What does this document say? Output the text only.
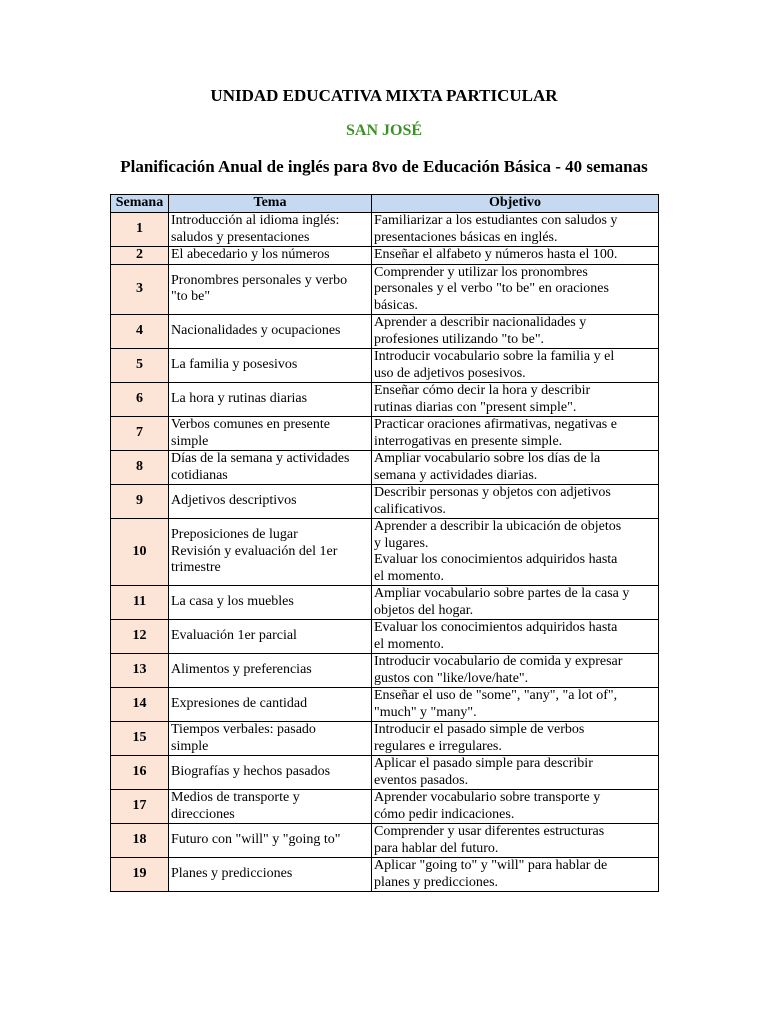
UNIDAD EDUCATIVA MIXTA PARTICULAR
SAN JOSÉ
Planificación Anual de inglés para 8vo de Educación Básica - 40 semanas
Semana	Tema	Objetivo
1	Introducción al idioma inglés:
saludos y presentaciones	Familiarizar a los estudiantes con saludos y
presentaciones básicas en inglés.

2	El abecedario y los números	Enseñar el alfabeto y números hasta el 100.

3	Pronombres personales y verbo
"to be"	Comprender y utilizar los pronombres
personales y el verbo "to be" en oraciones
básicas.

4	Nacionalidades y ocupaciones	Aprender a describir nacionalidades y
profesiones utilizando "to be".

5	La familia y posesivos	Introducir vocabulario sobre la familia y el
uso de adjetivos posesivos.

6	La hora y rutinas diarias	Enseñar cómo decir la hora y describir
rutinas diarias con "present simple".

7	Verbos comunes en presente
simple	Practicar oraciones afirmativas, negativas e
interrogativas en presente simple.

8	Días de la semana y actividades
cotidianas	Ampliar vocabulario sobre los días de la
semana y actividades diarias.

9	Adjetivos descriptivos	Describir personas y objetos con adjetivos
calificativos.

10	Preposiciones de lugar
Revisión y evaluación del 1er
trimestre	Aprender a describir la ubicación de objetos
y lugares.
Evaluar los conocimientos adquiridos hasta
el momento.

11	La casa y los muebles	Ampliar vocabulario sobre partes de la casa y
objetos del hogar.

12	Evaluación 1er parcial	Evaluar los conocimientos adquiridos hasta
el momento.

13	Alimentos y preferencias	Introducir vocabulario de comida y expresar
gustos con "like/love/hate".

14	Expresiones de cantidad	Enseñar el uso de "some", "any", "a lot of",
"much" y "many".

15	Tiempos verbales: pasado
simple	Introducir el pasado simple de verbos
regulares e irregulares.

16	Biografías y hechos pasados	Aplicar el pasado simple para describir
eventos pasados.

17	Medios de transporte y
direcciones	Aprender vocabulario sobre transporte y
cómo pedir indicaciones.

18	Futuro con "will" y "going to"	Comprender y usar diferentes estructuras
para hablar del futuro.

19	Planes y predicciones	Aplicar "going to" y "will" para hablar de
planes y predicciones.
